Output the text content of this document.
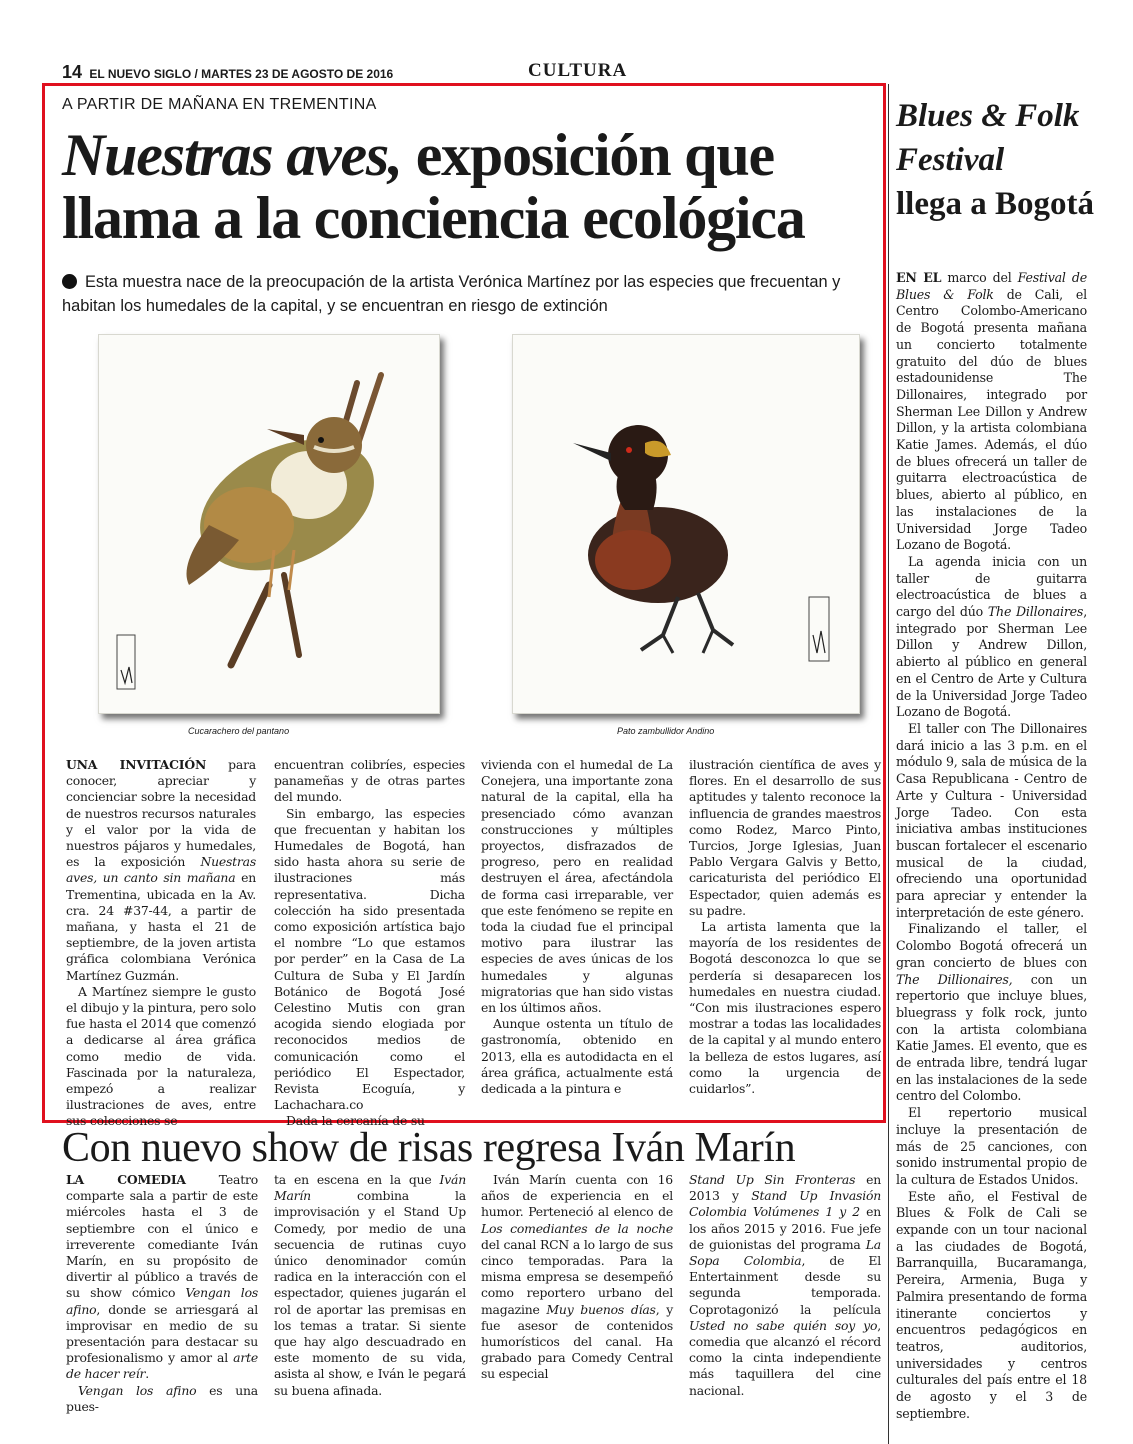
14 EL NUEVO SIGLO / MARTES 23 DE AGOSTO DE 2016	CULTURA
A PARTIR DE MAÑANA EN TREMENTINA
Nuestras aves, exposición que llama a la conciencia ecológica
Esta muestra nace de la preocupación de la artista Verónica Martínez por las especies que frecuentan y habitan los humedales de la capital, y se encuentran en riesgo de extinción
Cucarachero del pantano	Pato zambullidor Andino

UNA INVITACIÓN para conocer, apreciar y concienciar sobre la necesidad de nuestros recursos naturales y el valor por la vida de nuestros pájaros y humedales, es la exposición Nuestras aves, un canto sin mañana en Trementina, ubicada en la Av. cra. 24 #37-44, a partir de mañana, y hasta el 21 de septiembre, de la joven artista gráfica colombiana Verónica Martínez Guzmán.

A Martínez siempre le gusto el dibujo y la pintura, pero solo fue hasta el 2014 que comenzó a dedicarse al área gráfica como medio de vida. Fascinada por la naturaleza, empezó a realizar ilustraciones de aves, entre sus colecciones se

encuentran colibríes, especies panameñas y de otras partes del mundo.

Sin embargo, las especies que frecuentan y habitan los Humedales de Bogotá, han sido hasta ahora su serie de ilustraciones más representativa. Dicha colección ha sido presentada como exposición artística bajo el nombre “Lo que estamos por perder” en la Casa de La Cultura de Suba y El Jardín Botánico de Bogotá José Celestino Mutis con gran acogida siendo elogiada por reconocidos medios de comunicación como el periódico El Espectador, Revista Ecoguía, y Lachachara.co

Dada la cercanía de su

vivienda con el humedal de La Conejera, una importante zona natural de la capital, ella ha presenciado cómo avanzan construcciones y múltiples proyectos, disfrazados de progreso, pero en realidad destruyen el área, afectándola de forma casi irreparable, ver que este fenómeno se repite en toda la ciudad fue el principal motivo para ilustrar las especies de aves únicas de los humedales y algunas migratorias que han sido vistas en los últimos años.

Aunque ostenta un título de gastronomía, obtenido en 2013, ella es autodidacta en el área gráfica, actualmente está dedicada a la pintura e

ilustración científica de aves y flores. En el desarrollo de sus aptitudes y talento reconoce la influencia de grandes maestros como Rodez, Marco Pinto, Turcios, Jorge Iglesias, Juan Pablo Vergara Galvis y Betto, caricaturista del periódico El Espectador, quien además es su padre.

La artista lamenta que la mayoría de los residentes de Bogotá desconozca lo que se perdería si desaparecen los humedales en nuestra ciudad. “Con mis ilustraciones espero mostrar a todas las localidades de la capital y al mundo entero la belleza de estos lugares, así como la urgencia de cuidarlos”.

Blues & Folk Festival
llega a Bogotá

EN EL marco del Festival de Blues & Folk de Cali, el Centro Colombo-Americano de Bogotá presenta mañana un concierto totalmente gratuito del dúo de blues estadounidense The Dillonaires, integrado por Sherman Lee Dillon y Andrew Dillon, y la artista colombiana Katie James. Además, el dúo de blues ofrecerá un taller de guitarra electroacústica de blues, abierto al público, en las instalaciones de la Universidad Jorge Tadeo Lozano de Bogotá.

La agenda inicia con un taller de guitarra electroacústica de blues a cargo del dúo The Dillonaires, integrado por Sherman Lee Dillon y Andrew Dillon, abierto al público en general en el Centro de Arte y Cultura de la Universidad Jorge Tadeo Lozano de Bogotá.

El taller con The Dillonaires dará inicio a las 3 p.m. en el módulo 9, sala de música de la Casa Republicana - Centro de Arte y Cultura - Universidad Jorge Tadeo. Con esta iniciativa ambas instituciones buscan fortalecer el escenario musical de la ciudad, ofreciendo una oportunidad para apreciar y entender la interpretación de este género.

Finalizando el taller, el Colombo Bogotá ofrecerá un gran concierto de blues con The Dillionaires, con un repertorio que incluye blues, bluegrass y folk rock, junto con la artista colombiana Katie James. El evento, que es de entrada libre, tendrá lugar en las instalaciones de la sede centro del Colombo.

El repertorio musical incluye la presentación de más de 25 canciones, con sonido instrumental propio de la cultura de Estados Unidos.

Este año, el Festival de Blues & Folk de Cali se expande con un tour nacional a las ciudades de Bogotá, Barranquilla, Bucaramanga, Pereira, Armenia, Buga y Palmira presentando de forma itinerante conciertos y encuentros pedagógicos en teatros, auditorios, universidades y centros culturales del país entre el 18 de agosto y el 3 de septiembre.

Con nuevo show de risas regresa Iván Marín

LA COMEDIA Teatro comparte sala a partir de este miércoles hasta el 3 de septiembre con el único e irreverente comediante Iván Marín, en su propósito de divertir al público a través de su show cómico Vengan los afino, donde se arriesgará al improvisar en medio de su presentación para destacar su profesionalismo y amor al arte de hacer reír.

Vengan los afino es una pues-

ta en escena en la que Iván Marín combina la improvisación y el Stand Up Comedy, por medio de una secuencia de rutinas cuyo único denominador común radica en la interacción con el espectador, quienes jugarán el rol de aportar las premisas en los temas a tratar. Si siente que hay algo descuadrado en este momento de su vida, asista al show, e Iván le pegará su buena afinada.

Iván Marín cuenta con 16 años de experiencia en el humor. Perteneció al elenco de Los comediantes de la noche del canal RCN a lo largo de sus cinco temporadas. Para la misma empresa se desempeñó como reportero urbano del magazine Muy buenos días, y fue asesor de contenidos humorísticos del canal. Ha grabado para Comedy Central su especial

Stand Up Sin Fronteras en 2013 y Stand Up Invasión Colombia Volúmenes 1 y 2 en los años 2015 y 2016. Fue jefe de guionistas del programa La Sopa Colombia, de El Entertainment desde su segunda temporada. Coprotagonizó la película Usted no sabe quién soy yo, comedia que alcanzó el récord como la cinta independiente más taquillera del cine nacional.
